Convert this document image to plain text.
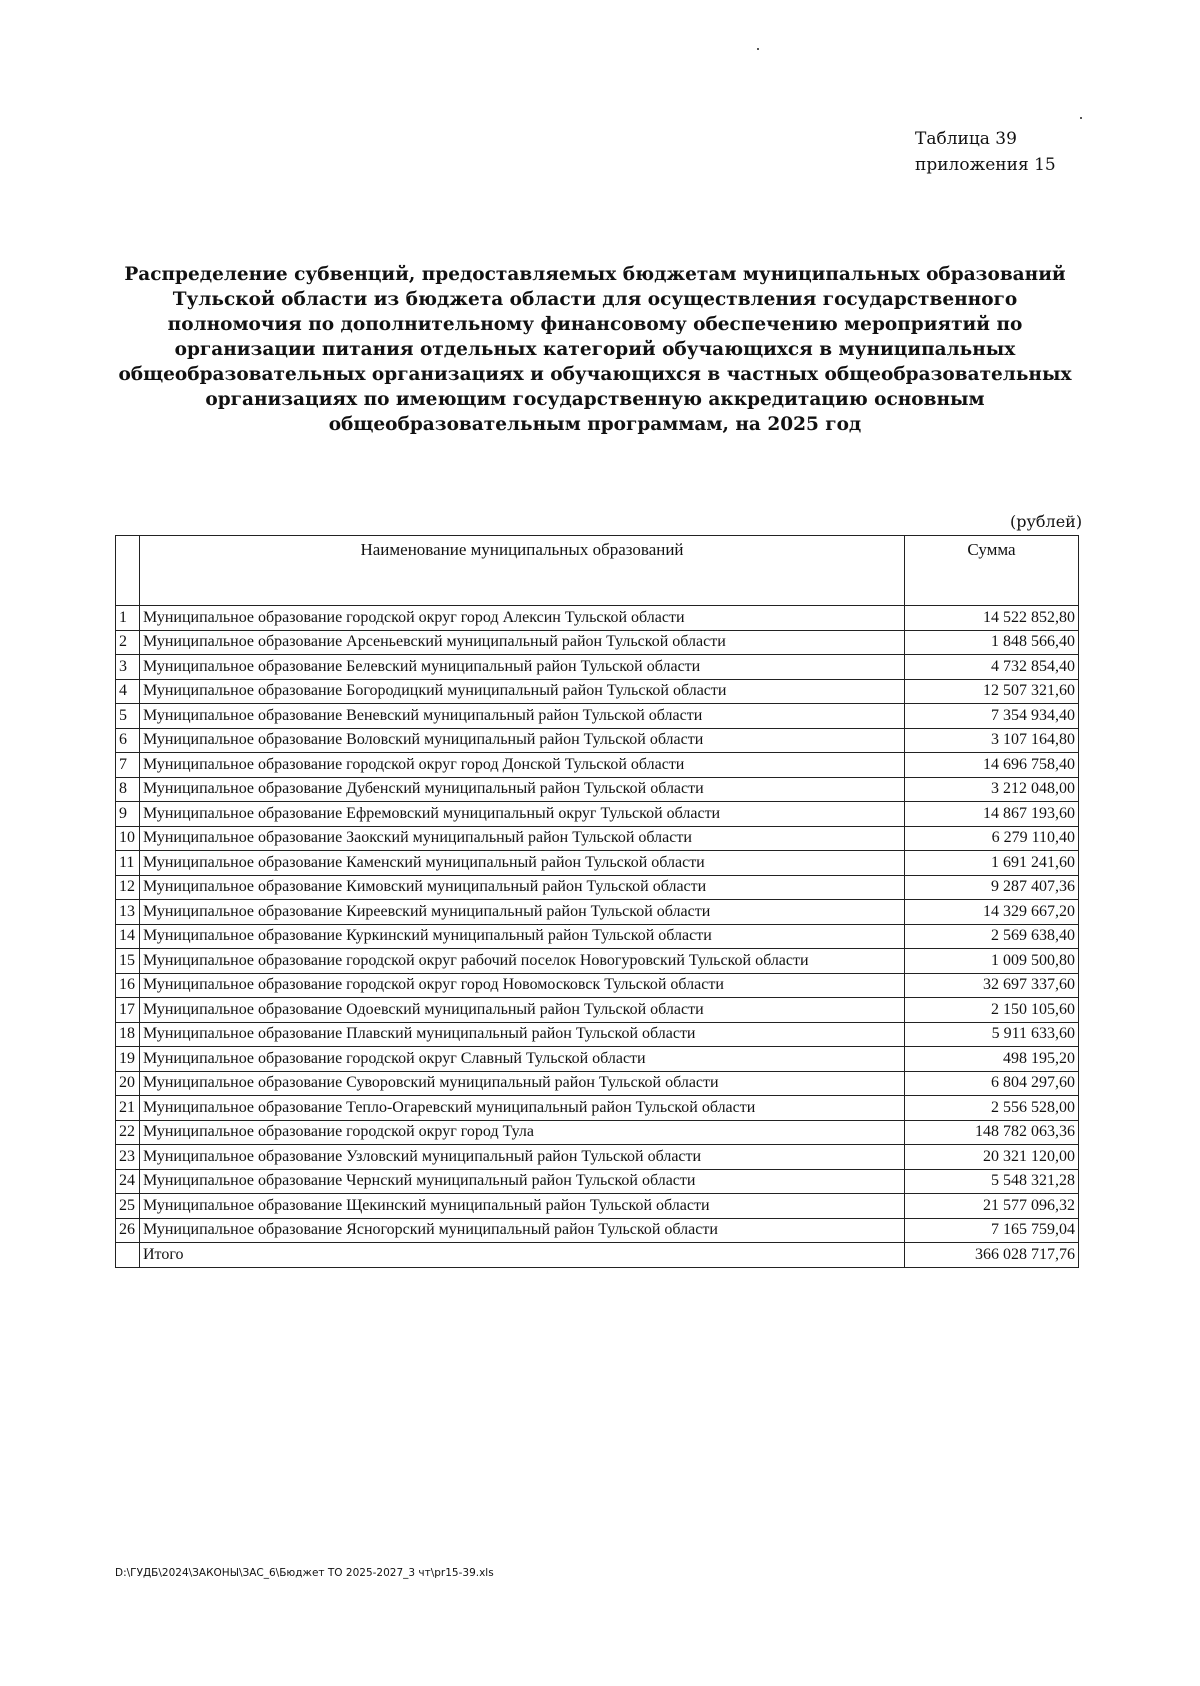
Таблица 39
приложения 15
Распределение субвенций, предоставляемых бюджетам муниципальных образований Тульской области из бюджета области для осуществления государственного полномочия по дополнительному финансовому обеспечению мероприятий по организации питания отдельных категорий обучающихся в муниципальных общеобразовательных организациях и обучающихся в частных общеобразовательных организациях по имеющим государственную аккредитацию основным общеобразовательным программам, на 2025 год
(рублей)
	Наименование муниципальных образований	Сумма
1	Муниципальное образование городской округ город Алексин Тульской области	14 522 852,80
2	Муниципальное образование Арсеньевский муниципальный район Тульской области	1 848 566,40
3	Муниципальное образование Белевский муниципальный район Тульской области	4 732 854,40
4	Муниципальное образование Богородицкий муниципальный район Тульской области	12 507 321,60
5	Муниципальное образование Веневский муниципальный район Тульской области	7 354 934,40
6	Муниципальное образование Воловский муниципальный район Тульской области	3 107 164,80
7	Муниципальное образование городской округ город Донской Тульской области	14 696 758,40
8	Муниципальное образование Дубенский муниципальный район Тульской области	3 212 048,00
9	Муниципальное образование Ефремовский муниципальный округ Тульской области	14 867 193,60
10	Муниципальное образование Заокский муниципальный район Тульской области	6 279 110,40
11	Муниципальное образование Каменский муниципальный район Тульской области	1 691 241,60
12	Муниципальное образование Кимовский муниципальный район Тульской области	9 287 407,36
13	Муниципальное образование Киреевский муниципальный район Тульской области	14 329 667,20
14	Муниципальное образование Куркинский муниципальный район Тульской области	2 569 638,40
15	Муниципальное образование городской округ рабочий поселок Новогуровский Тульской области	1 009 500,80
16	Муниципальное образование городской округ город Новомосковск Тульской области	32 697 337,60
17	Муниципальное образование Одоевский муниципальный район Тульской области	2 150 105,60
18	Муниципальное образование Плавский муниципальный район Тульской области	5 911 633,60
19	Муниципальное образование городской округ Славный Тульской области	498 195,20
20	Муниципальное образование Суворовский муниципальный район Тульской области	6 804 297,60
21	Муниципальное образование Тепло-Огаревский муниципальный район Тульской области	2 556 528,00
22	Муниципальное образование городской округ город Тула	148 782 063,36
23	Муниципальное образование Узловский муниципальный район Тульской области	20 321 120,00
24	Муниципальное образование Чернский муниципальный район Тульской области	5 548 321,28
25	Муниципальное образование Щекинский муниципальный район Тульской области	21 577 096,32
26	Муниципальное образование Ясногорский муниципальный район Тульской области	7 165 759,04
	Итого	366 028 717,76
D:\ГУДБ\2024\ЗАКОНЫ\ЗАС_6\Бюджет ТО 2025-2027_3 чт\pr15-39.xls
